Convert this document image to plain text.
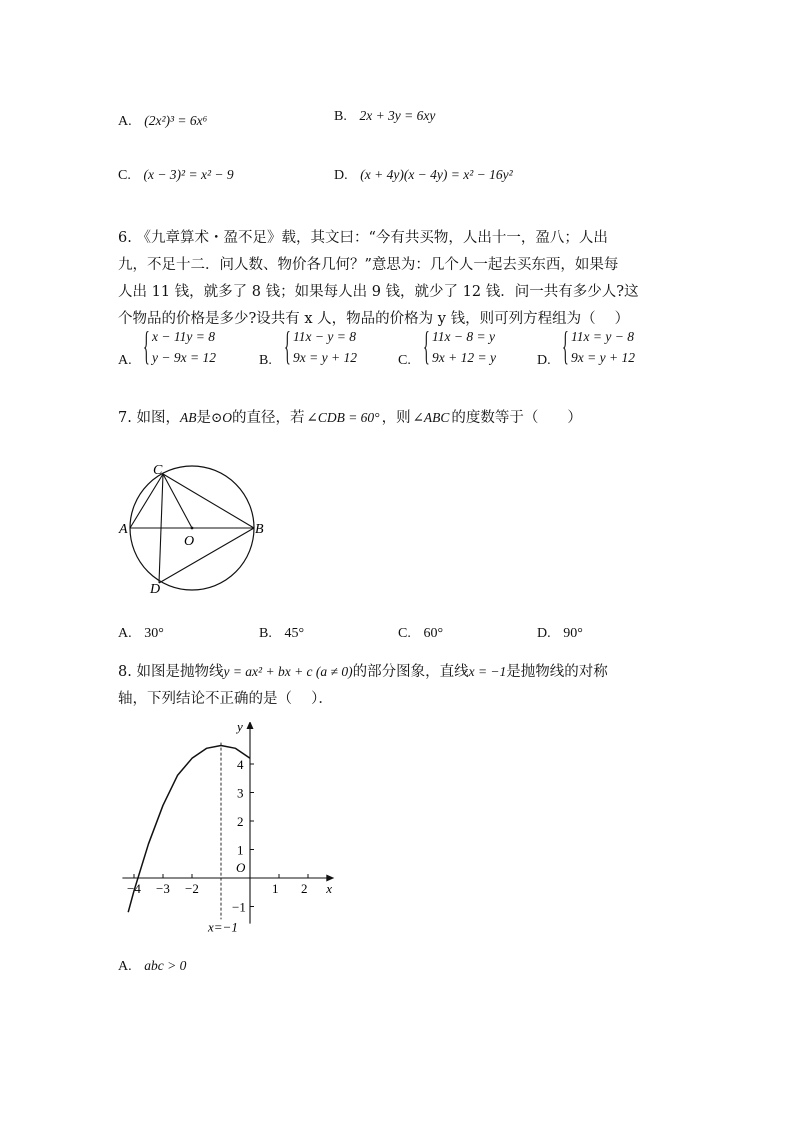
A. (2x²)³ = 6x⁶	B. 2x + 3y = 6xy
C. (x − 3)² = x² − 9	D. (x + 4y)(x − 4y) = x² − 16y²
6. 《九章算术・盈不足》载，其文曰：“今有共买物，人出十一，盈八；人出
九，不足十二．问人数、物价各几何？”意思为：几个人一起去买东西，如果每
人出 11 钱，就多了 8 钱；如果每人出 9 钱，就少了 12 钱．问一共有多少人?这
个物品的价格是多少?设共有 x 人，物品的价格为 y 钱，则可列方程组为（　 ）
A. { x − 11y = 8
y − 9x = 12	B. { 11x − y = 8
9x = y + 12	C. { 11x − 8 = y
9x + 12 = y	D. { 11x = y − 8
9x = y + 12
7. 如图，AB是⊙O的直径，若 ∠CDB = 60° ，则 ∠ABC 的度数等于（　　）
C
A
O
B
D
A. 30°	B. 45°	C. 60°	D. 90°
8. 如图是抛物线y = ax² + bx + c (a ≠ 0)的部分图象，直线x = −1是抛物线的对称
轴，下列结论不正确的是（　 ）．
x
y
O
−4 −3 −2	1 2
4
3
2
1
−1
x=−1
A. abc > 0
